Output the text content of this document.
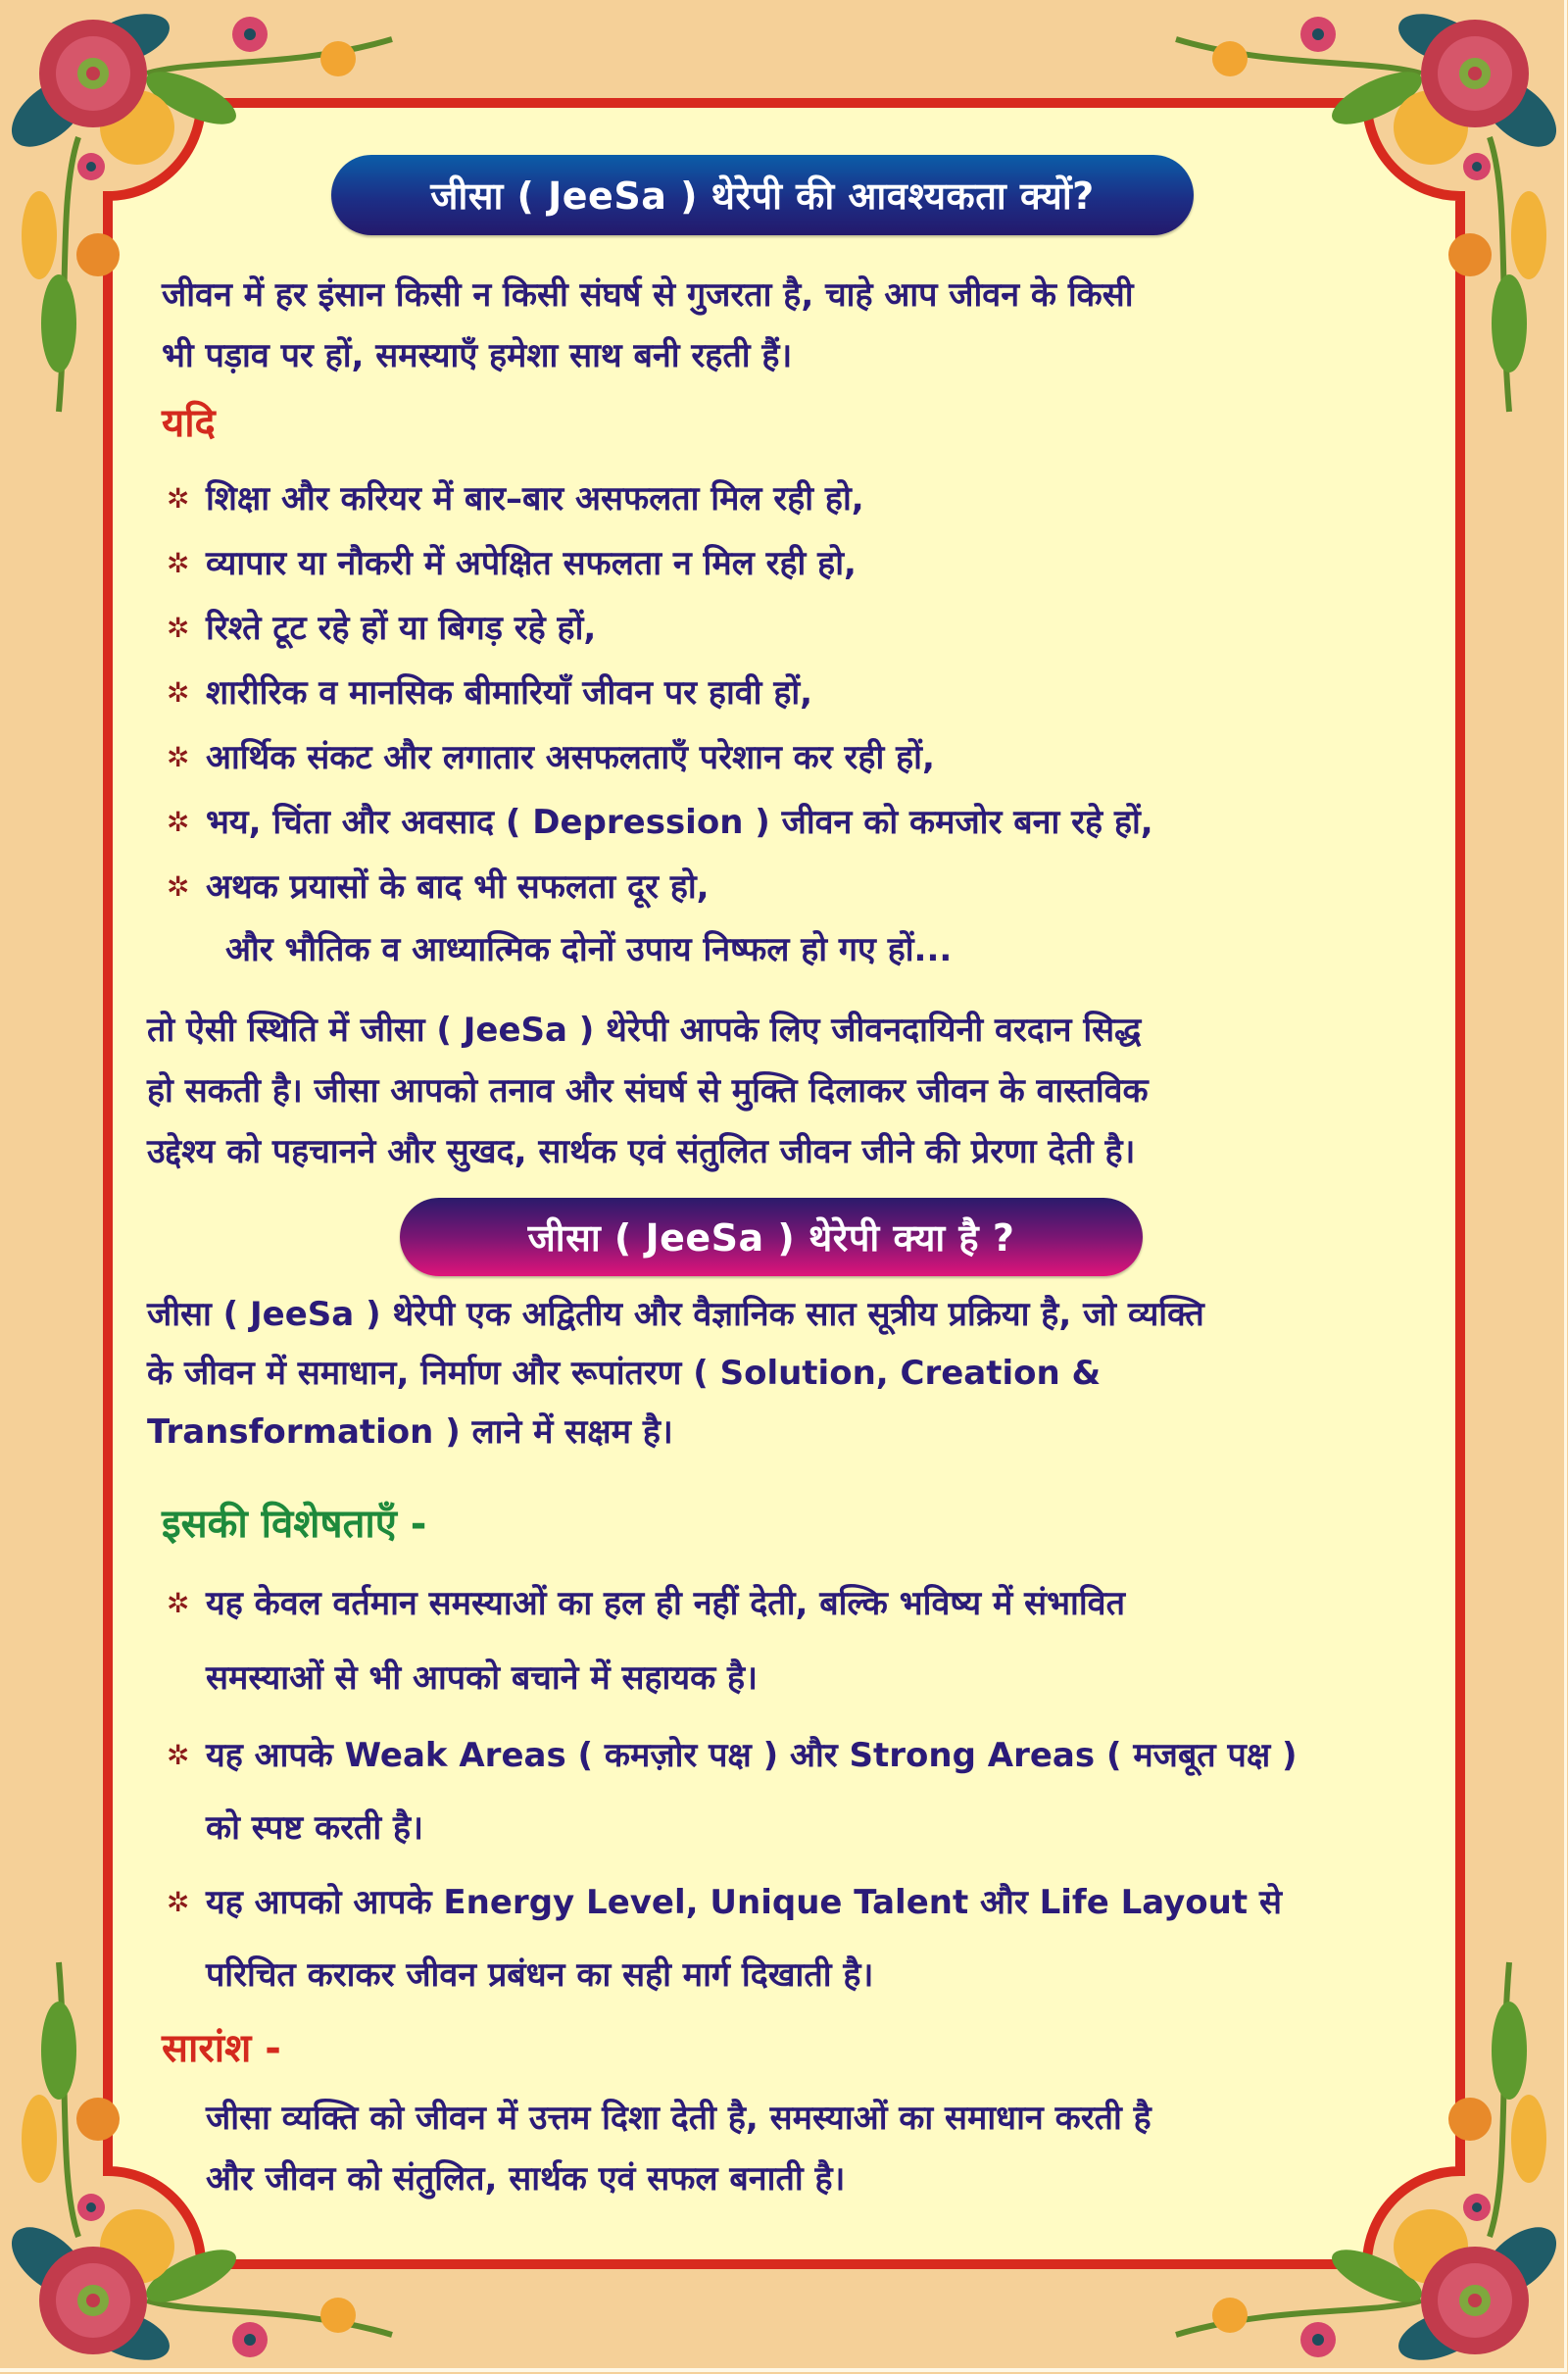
जीसा ( JeeSa ) थेरेपी की आवश्यकता क्यों?

जीवन में हर इंसान किसी न किसी संघर्ष से गुजरता है, चाहे आप जीवन के किसी

भी पड़ाव पर हों, समस्याएँ हमेशा साथ बनी रहती हैं।

यदि

✲ शिक्षा और करियर में बार–बार असफलता मिल रही हो,
✲ व्यापार या नौकरी में अपेक्षित सफलता न मिल रही हो,
✲ रिश्ते टूट रहे हों या बिगड़ रहे हों,
✲ शारीरिक व मानसिक बीमारियाँ जीवन पर हावी हों,
✲ आर्थिक संकट और लगातार असफलताएँ परेशान कर रही हों,
✲ भय, चिंता और अवसाद ( Depression ) जीवन को कमजोर बना रहे हों,
✲ अथक प्रयासों के बाद भी सफलता दूर हो,

और भौतिक व आध्यात्मिक दोनों उपाय निष्फल हो गए हों...

तो ऐसी स्थिति में जीसा ( JeeSa ) थेरेपी आपके लिए जीवनदायिनी वरदान सिद्ध

हो सकती है। जीसा आपको तनाव और संघर्ष से मुक्ति दिलाकर जीवन के वास्तविक

उद्देश्य को पहचानने और सुखद, सार्थक एवं संतुलित जीवन जीने की प्रेरणा देती है।

जीसा ( JeeSa ) थेरेपी क्या है ?

जीसा ( JeeSa ) थेरेपी एक अद्वितीय और वैज्ञानिक सात सूत्रीय प्रक्रिया है, जो व्यक्ति

के जीवन में समाधान, निर्माण और रूपांतरण ( Solution, Creation &

Transformation ) लाने में सक्षम है।

इसकी विशेषताएँ -

✲ यह केवल वर्तमान समस्याओं का हल ही नहीं देती, बल्कि भविष्य में संभावित
समस्याओं से भी आपको बचाने में सहायक है।
✲ यह आपके Weak Areas ( कमज़ोर पक्ष ) और Strong Areas ( मजबूत पक्ष )
को स्पष्ट करती है।
✲ यह आपको आपके Energy Level, Unique Talent और Life Layout से
परिचित कराकर जीवन प्रबंधन का सही मार्ग दिखाती है।

सारांश -

जीसा व्यक्ति को जीवन में उत्तम दिशा देती है, समस्याओं का समाधान करती है

और जीवन को संतुलित, सार्थक एवं सफल बनाती है।
